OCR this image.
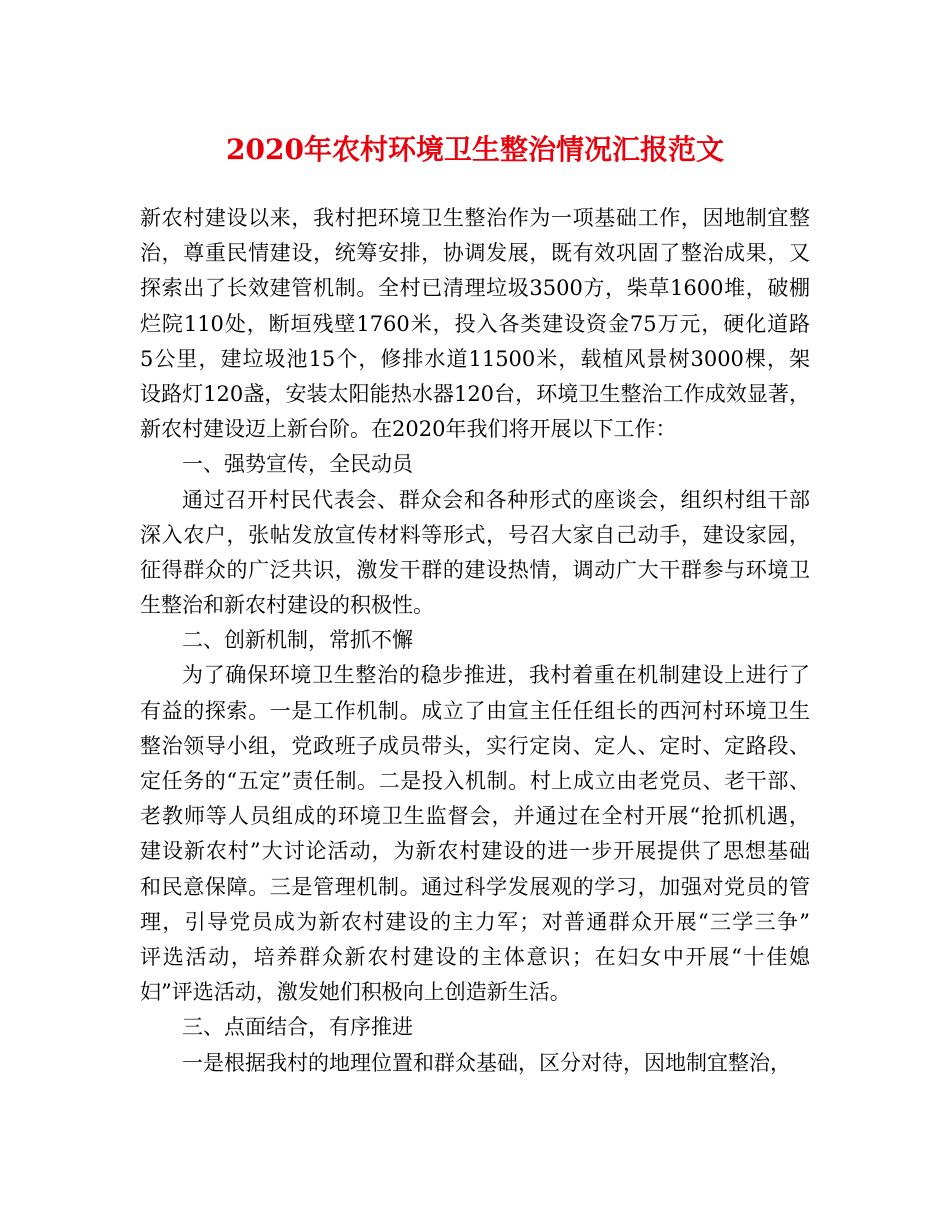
2020年农村环境卫生整治情况汇报范文
新农村建设以来，我村把环境卫生整治作为一项基础工作，因地制宜整
治，尊重民情建设，统筹安排，协调发展，既有效巩固了整治成果，又
探索出了长效建管机制。全村已清理垃圾3500方，柴草1600堆，破棚
烂院110处，断垣残壁1760米，投入各类建设资金75万元，硬化道路
5公里，建垃圾池15个，修排水道11500米，载植风景树3000棵，架
设路灯120盏，安装太阳能热水器120台，环境卫生整治工作成效显著，
新农村建设迈上新台阶。在2020年我们将开展以下工作：
一、强势宣传，全民动员
通过召开村民代表会、群众会和各种形式的座谈会，组织村组干部
深入农户，张帖发放宣传材料等形式，号召大家自己动手，建设家园，
征得群众的广泛共识，激发干群的建设热情，调动广大干群参与环境卫
生整治和新农村建设的积极性。
二、创新机制，常抓不懈
为了确保环境卫生整治的稳步推进，我村着重在机制建设上进行了
有益的探索。一是工作机制。成立了由宣主任任组长的西河村环境卫生
整治领导小组，党政班子成员带头，实行定岗、定人、定时、定路段、
定任务的“五定”责任制。二是投入机制。村上成立由老党员、老干部、
老教师等人员组成的环境卫生监督会，并通过在全村开展“抢抓机遇，
建设新农村”大讨论活动，为新农村建设的进一步开展提供了思想基础
和民意保障。三是管理机制。通过科学发展观的学习，加强对党员的管
理，引导党员成为新农村建设的主力军；对普通群众开展“三学三争”
评选活动，培养群众新农村建设的主体意识；在妇女中开展“十佳媳
妇”评选活动，激发她们积极向上创造新生活。
三、点面结合，有序推进
一是根据我村的地理位置和群众基础，区分对待，因地制宜整治，
